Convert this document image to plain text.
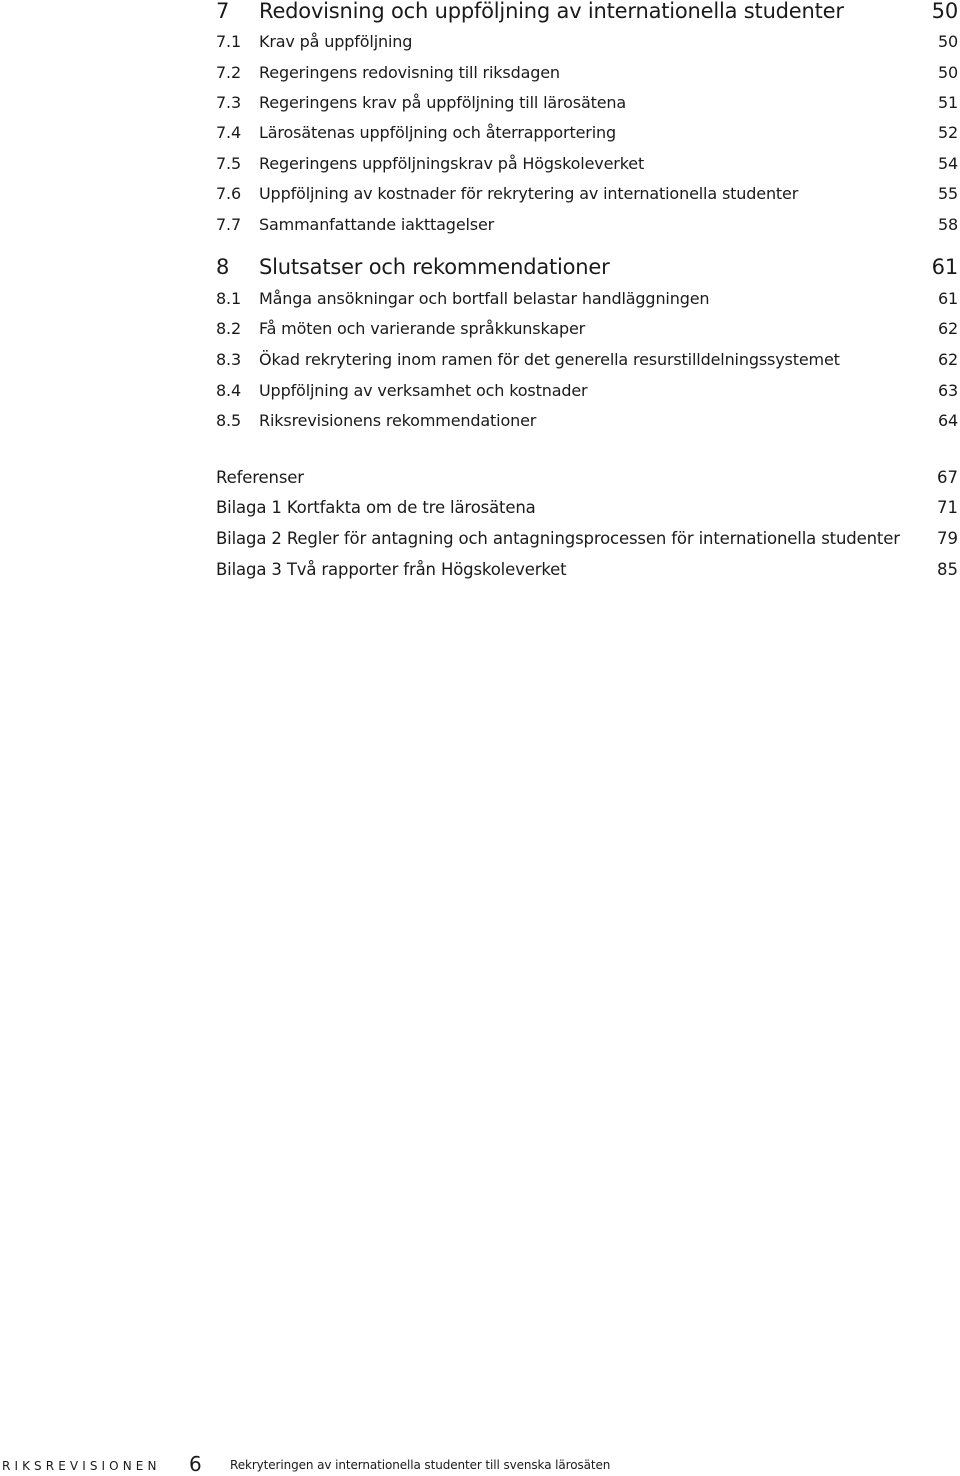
7 Redovisning och uppföljning av internationella studenter	50
7.1 Krav på uppföljning	50
7.2 Regeringens redovisning till riksdagen	50
7.3 Regeringens krav på uppföljning till lärosätena	51
7.4 Lärosätenas uppföljning och återrapportering	52
7.5 Regeringens uppföljningskrav på Högskoleverket	54
7.6 Uppföljning av kostnader för rekrytering av internationella studenter	55
7.7 Sammanfattande iakttagelser	58
8 Slutsatser och rekommendationer	61
8.1 Många ansökningar och bortfall belastar handläggningen	61
8.2 Få möten och varierande språkkunskaper	62
8.3 Ökad rekrytering inom ramen för det generella resurstilldelningssystemet	62
8.4 Uppföljning av verksamhet och kostnader	63
8.5 Riksrevisionens rekommendationer	64
Referenser	67
Bilaga 1 Kortfakta om de tre lärosätena	71
Bilaga 2 Regler för antagning och antagningsprocessen för internationella studenter 79
Bilaga 3 Två rapporter från Högskoleverket	85
RIKSREVISIONEN 6 Rekryteringen av internationella studenter till svenska lärosäten
